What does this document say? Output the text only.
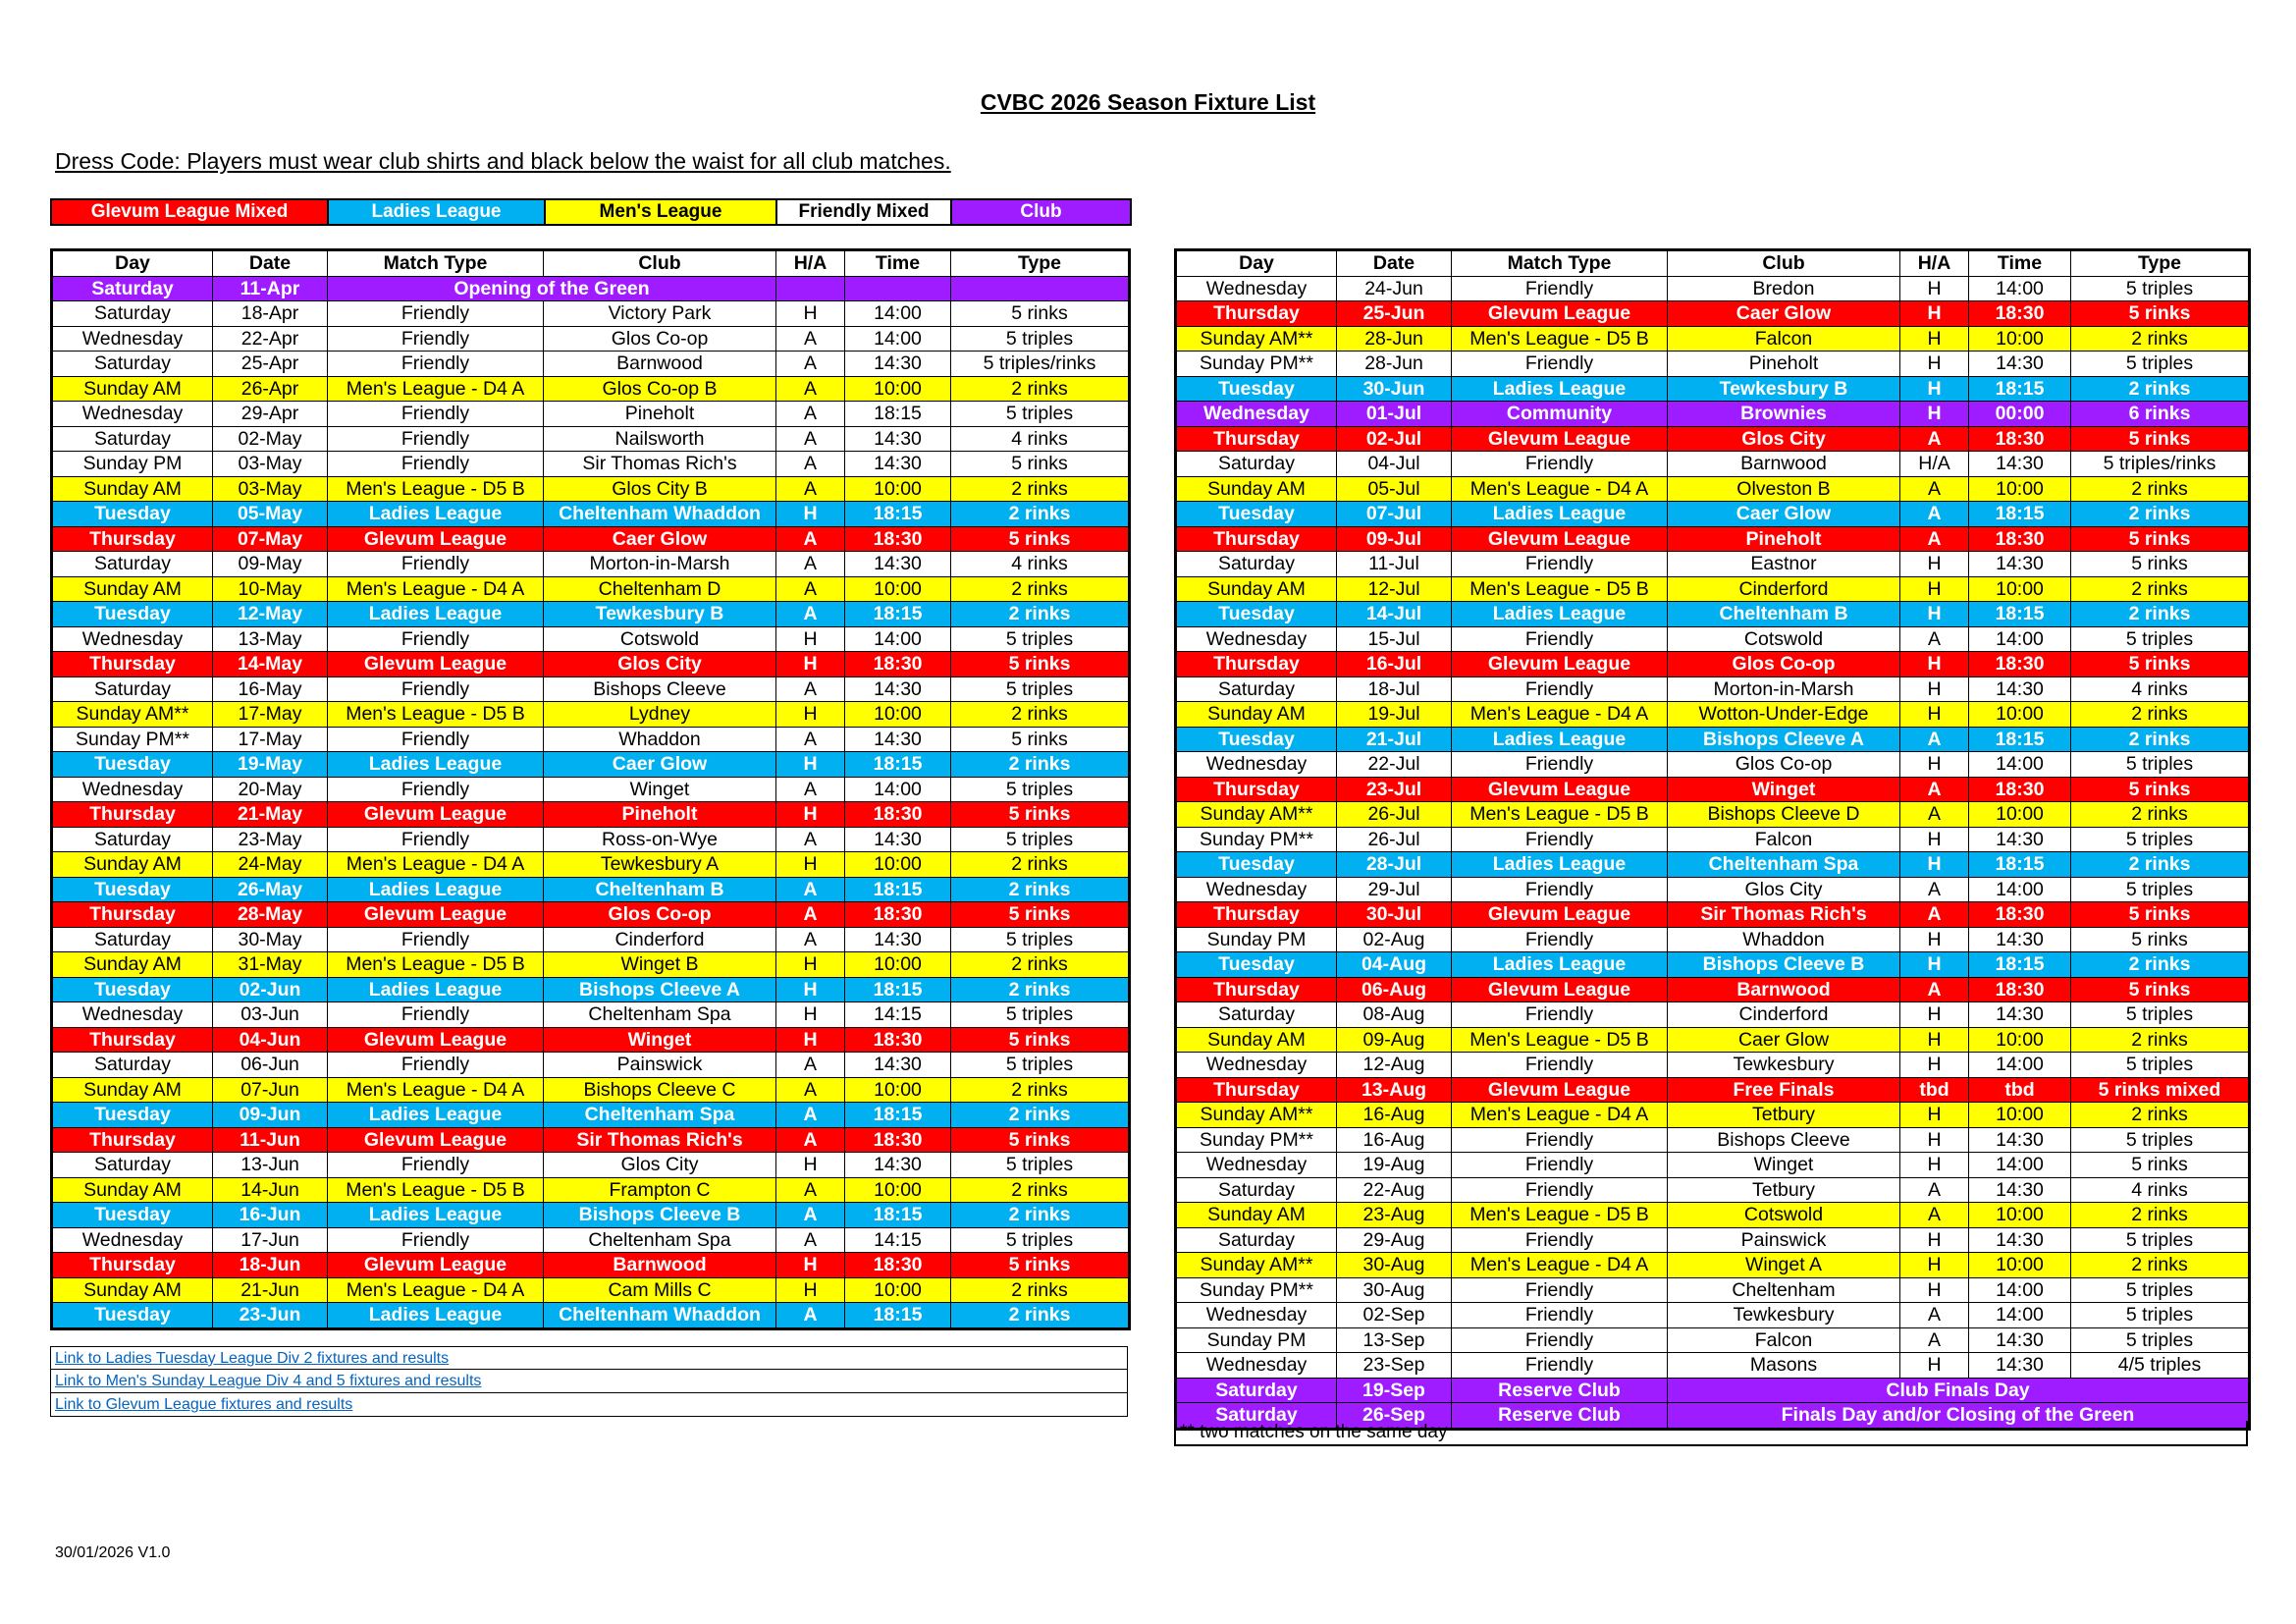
CVBC 2026 Season Fixture List
Dress Code: Players must wear club shirts and black below the waist for all club matches.
Glevum League Mixed	Ladies League	Men's League	Friendly Mixed	Club
Day	Date	Match Type	Club	H/A	Time	Type
Saturday	11-Apr	Opening of the Green				
Saturday	18-Apr	Friendly	Victory Park	H	14:00	5 rinks
Wednesday	22-Apr	Friendly	Glos Co-op	A	14:00	5 triples
Saturday	25-Apr	Friendly	Barnwood	A	14:30	5 triples/rinks
Sunday AM	26-Apr	Men's League - D4 A	Glos Co-op B	A	10:00	2 rinks
Wednesday	29-Apr	Friendly	Pineholt	A	18:15	5 triples
Saturday	02-May	Friendly	Nailsworth	A	14:30	4 rinks
Sunday PM	03-May	Friendly	Sir Thomas Rich's	A	14:30	5 rinks
Sunday AM	03-May	Men's League - D5 B	Glos City B	A	10:00	2 rinks
Tuesday	05-May	Ladies League	Cheltenham Whaddon	H	18:15	2 rinks
Thursday	07-May	Glevum League	Caer Glow	A	18:30	5 rinks
Saturday	09-May	Friendly	Morton-in-Marsh	A	14:30	4 rinks
Sunday AM	10-May	Men's League - D4 A	Cheltenham D	A	10:00	2 rinks
Tuesday	12-May	Ladies League	Tewkesbury B	A	18:15	2 rinks
Wednesday	13-May	Friendly	Cotswold	H	14:00	5 triples
Thursday	14-May	Glevum League	Glos City	H	18:30	5 rinks
Saturday	16-May	Friendly	Bishops Cleeve	A	14:30	5 triples
Sunday AM**	17-May	Men's League - D5 B	Lydney	H	10:00	2 rinks
Sunday PM**	17-May	Friendly	Whaddon	A	14:30	5 rinks
Tuesday	19-May	Ladies League	Caer Glow	H	18:15	2 rinks
Wednesday	20-May	Friendly	Winget	A	14:00	5 triples
Thursday	21-May	Glevum League	Pineholt	H	18:30	5 rinks
Saturday	23-May	Friendly	Ross-on-Wye	A	14:30	5 triples
Sunday AM	24-May	Men's League - D4 A	Tewkesbury A	H	10:00	2 rinks
Tuesday	26-May	Ladies League	Cheltenham B	A	18:15	2 rinks
Thursday	28-May	Glevum League	Glos Co-op	A	18:30	5 rinks
Saturday	30-May	Friendly	Cinderford	A	14:30	5 triples
Sunday AM	31-May	Men's League - D5 B	Winget B	H	10:00	2 rinks
Tuesday	02-Jun	Ladies League	Bishops Cleeve A	H	18:15	2 rinks
Wednesday	03-Jun	Friendly	Cheltenham Spa	H	14:15	5 triples
Thursday	04-Jun	Glevum League	Winget	H	18:30	5 rinks
Saturday	06-Jun	Friendly	Painswick	A	14:30	5 triples
Sunday AM	07-Jun	Men's League - D4 A	Bishops Cleeve C	A	10:00	2 rinks
Tuesday	09-Jun	Ladies League	Cheltenham Spa	A	18:15	2 rinks
Thursday	11-Jun	Glevum League	Sir Thomas Rich's	A	18:30	5 rinks
Saturday	13-Jun	Friendly	Glos City	H	14:30	5 triples
Sunday AM	14-Jun	Men's League - D5 B	Frampton C	A	10:00	2 rinks
Tuesday	16-Jun	Ladies League	Bishops Cleeve B	A	18:15	2 rinks
Wednesday	17-Jun	Friendly	Cheltenham Spa	A	14:15	5 triples
Thursday	18-Jun	Glevum League	Barnwood	H	18:30	5 rinks
Sunday AM	21-Jun	Men's League - D4 A	Cam Mills C	H	10:00	2 rinks
Tuesday	23-Jun	Ladies League	Cheltenham Whaddon	A	18:15	2 rinks
Day	Date	Match Type	Club	H/A	Time	Type
Wednesday	24-Jun	Friendly	Bredon	H	14:00	5 triples
Thursday	25-Jun	Glevum League	Caer Glow	H	18:30	5 rinks
Sunday AM**	28-Jun	Men's League - D5 B	Falcon	H	10:00	2 rinks
Sunday PM**	28-Jun	Friendly	Pineholt	H	14:30	5 triples
Tuesday	30-Jun	Ladies League	Tewkesbury B	H	18:15	2 rinks
Wednesday	01-Jul	Community	Brownies	H	00:00	6 rinks
Thursday	02-Jul	Glevum League	Glos City	A	18:30	5 rinks
Saturday	04-Jul	Friendly	Barnwood	H/A	14:30	5 triples/rinks
Sunday AM	05-Jul	Men's League - D4 A	Olveston B	A	10:00	2 rinks
Tuesday	07-Jul	Ladies League	Caer Glow	A	18:15	2 rinks
Thursday	09-Jul	Glevum League	Pineholt	A	18:30	5 rinks
Saturday	11-Jul	Friendly	Eastnor	H	14:30	5 rinks
Sunday AM	12-Jul	Men's League - D5 B	Cinderford	H	10:00	2 rinks
Tuesday	14-Jul	Ladies League	Cheltenham B	H	18:15	2 rinks
Wednesday	15-Jul	Friendly	Cotswold	A	14:00	5 triples
Thursday	16-Jul	Glevum League	Glos Co-op	H	18:30	5 rinks
Saturday	18-Jul	Friendly	Morton-in-Marsh	H	14:30	4 rinks
Sunday AM	19-Jul	Men's League - D4 A	Wotton-Under-Edge	H	10:00	2 rinks
Tuesday	21-Jul	Ladies League	Bishops Cleeve A	A	18:15	2 rinks
Wednesday	22-Jul	Friendly	Glos Co-op	H	14:00	5 triples
Thursday	23-Jul	Glevum League	Winget	A	18:30	5 rinks
Sunday AM**	26-Jul	Men's League - D5 B	Bishops Cleeve D	A	10:00	2 rinks
Sunday PM**	26-Jul	Friendly	Falcon	H	14:30	5 triples
Tuesday	28-Jul	Ladies League	Cheltenham Spa	H	18:15	2 rinks
Wednesday	29-Jul	Friendly	Glos City	A	14:00	5 triples
Thursday	30-Jul	Glevum League	Sir Thomas Rich's	A	18:30	5 rinks
Sunday PM	02-Aug	Friendly	Whaddon	H	14:30	5 rinks
Tuesday	04-Aug	Ladies League	Bishops Cleeve B	H	18:15	2 rinks
Thursday	06-Aug	Glevum League	Barnwood	A	18:30	5 rinks
Saturday	08-Aug	Friendly	Cinderford	H	14:30	5 triples
Sunday AM	09-Aug	Men's League - D5 B	Caer Glow	H	10:00	2 rinks
Wednesday	12-Aug	Friendly	Tewkesbury	H	14:00	5 triples
Thursday	13-Aug	Glevum League	Free Finals	tbd	tbd	5 rinks mixed
Sunday AM**	16-Aug	Men's League - D4 A	Tetbury	H	10:00	2 rinks
Sunday PM**	16-Aug	Friendly	Bishops Cleeve	H	14:30	5 triples
Wednesday	19-Aug	Friendly	Winget	H	14:00	5 rinks
Saturday	22-Aug	Friendly	Tetbury	A	14:30	4 rinks
Sunday AM	23-Aug	Men's League - D5 B	Cotswold	A	10:00	2 rinks
Saturday	29-Aug	Friendly	Painswick	H	14:30	5 triples
Sunday AM**	30-Aug	Men's League - D4 A	Winget A	H	10:00	2 rinks
Sunday PM**	30-Aug	Friendly	Cheltenham	H	14:00	5 triples
Wednesday	02-Sep	Friendly	Tewkesbury	A	14:00	5 triples
Sunday PM	13-Sep	Friendly	Falcon	A	14:30	5 triples
Wednesday	23-Sep	Friendly	Masons	H	14:30	4/5 triples
Saturday	19-Sep	Reserve Club	Club Finals Day			
Saturday	26-Sep	Reserve Club	Finals Day and/or Closing of the Green			
Link to Ladies Tuesday League Div 2 fixtures and results
Link to Men's Sunday League Div 4 and 5 fixtures and results
Link to Glevum League fixtures and results
** two matches on the same day
30/01/2026 V1.0
